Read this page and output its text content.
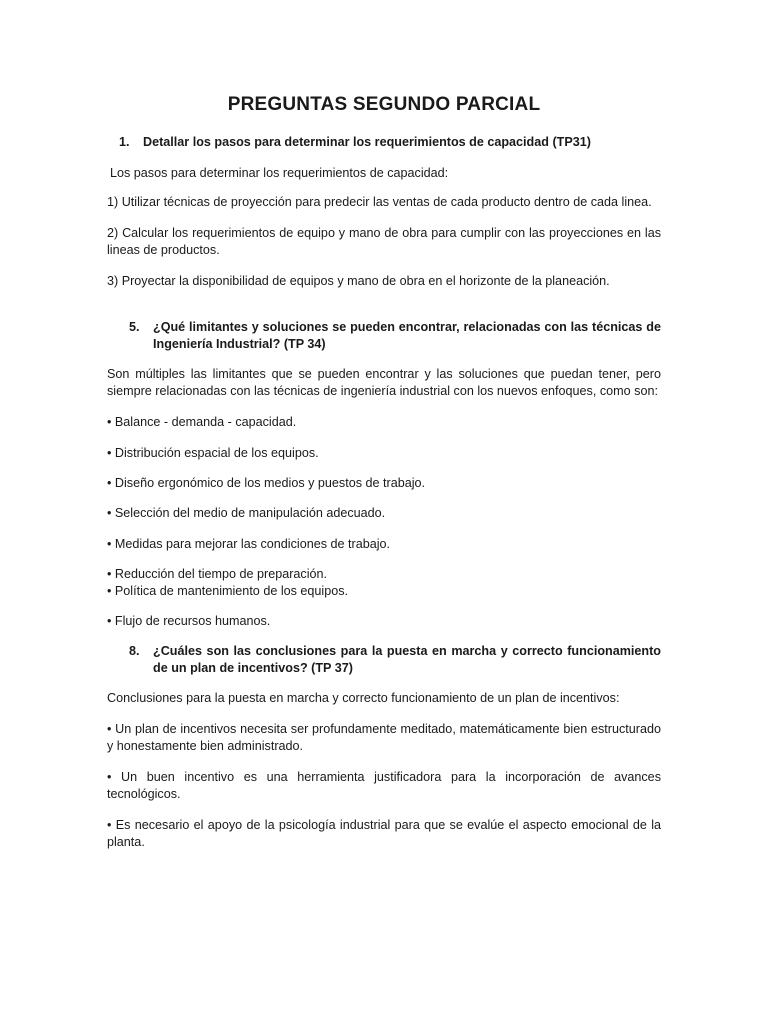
PREGUNTAS SEGUNDO PARCIAL
1. Detallar los pasos para determinar los requerimientos de capacidad (TP31)
Los pasos para determinar los requerimientos de capacidad:
1) Utilizar técnicas de proyección para predecir las ventas de cada producto dentro de cada linea.
2) Calcular los requerimientos de equipo y mano de obra para cumplir con las proyecciones en las lineas de productos.
3) Proyectar la disponibilidad de equipos y mano de obra en el horizonte de la planeación.
5. ¿Qué limitantes y soluciones se pueden encontrar, relacionadas con las técnicas de Ingeniería Industrial? (TP 34)
Son múltiples las limitantes que se pueden encontrar y las soluciones que puedan tener, pero siempre relacionadas con las técnicas de ingeniería industrial con los nuevos enfoques, como son:
• Balance - demanda - capacidad.
• Distribución espacial de los equipos.
• Diseño ergonómico de los medios y puestos de trabajo.
• Selección del medio de manipulación adecuado.
• Medidas para mejorar las condiciones de trabajo.
• Reducción del tiempo de preparación.
• Política de mantenimiento de los equipos.
• Flujo de recursos humanos.
8. ¿Cuáles son las conclusiones para la puesta en marcha y correcto funcionamiento de un plan de incentivos? (TP 37)
Conclusiones para la puesta en marcha y correcto funcionamiento de un plan de incentivos:
• Un plan de incentivos necesita ser profundamente meditado, matemáticamente bien estructurado y honestamente bien administrado.
• Un buen incentivo es una herramienta justificadora para la incorporación de avances tecnológicos.
• Es necesario el apoyo de la psicología industrial para que se evalúe el aspecto emocional de la planta.
